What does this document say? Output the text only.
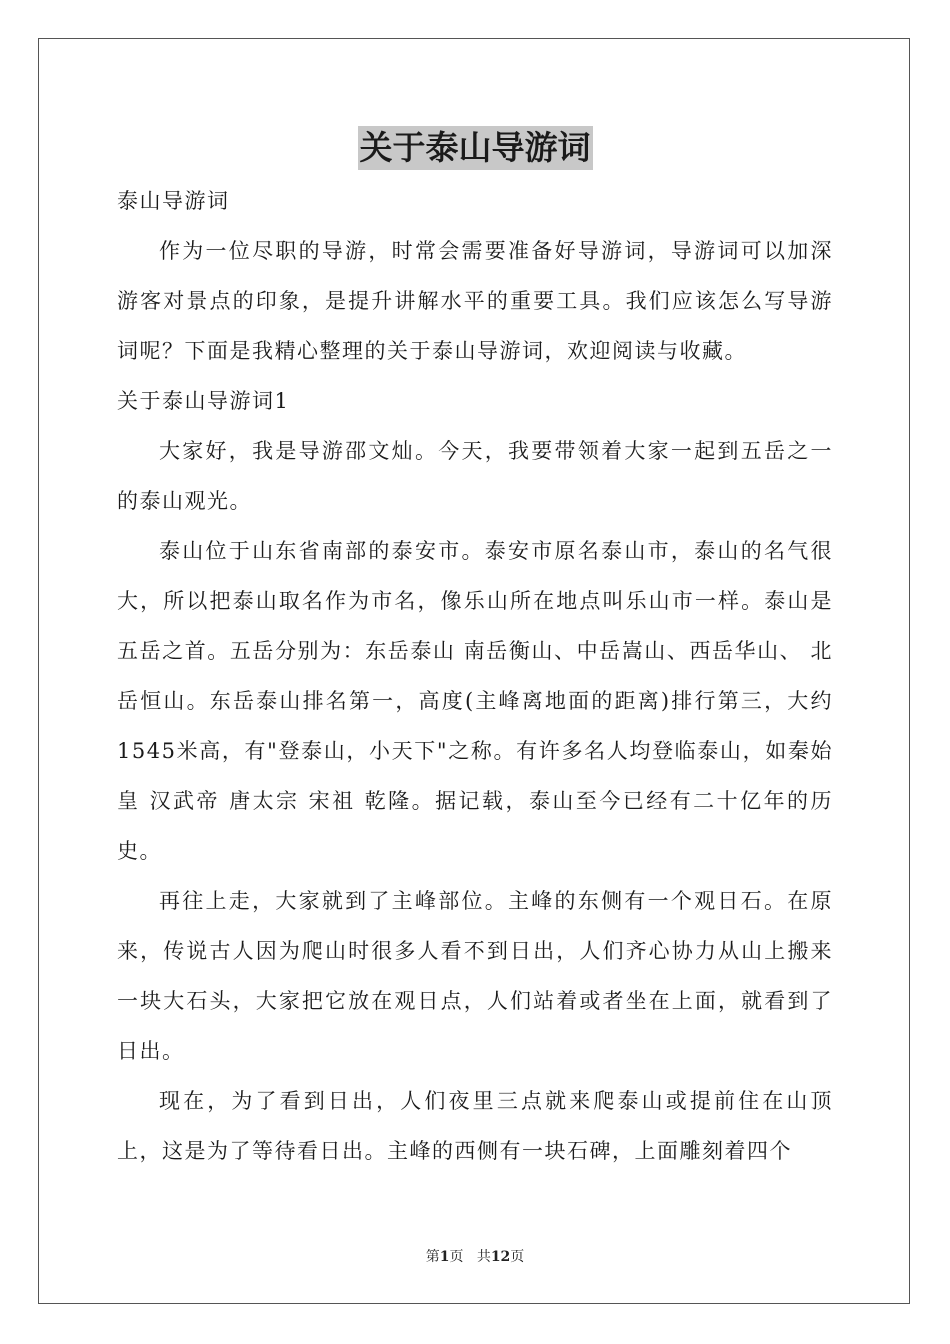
关于泰山导游词

泰山导游词

作为一位尽职的导游，时常会需要准备好导游词，导游词可以加深游客对景点的印象，是提升讲解水平的重要工具。我们应该怎么写导游词呢？下面是我精心整理的关于泰山导游词，欢迎阅读与收藏。

关于泰山导游词1

大家好，我是导游邵文灿。今天，我要带领着大家一起到五岳之一的泰山观光。

泰山位于山东省南部的泰安市。泰安市原名泰山市，泰山的名气很大，所以把泰山取名作为市名，像乐山所在地点叫乐山市一样。泰山是五岳之首。五岳分别为：东岳泰山 南岳衡山、中岳嵩山、西岳华山、 北岳恒山。东岳泰山排名第一，高度(主峰离地面的距离)排行第三，大约1545米高，有"登泰山，小天下"之称。有许多名人均登临泰山，如秦始皇 汉武帝 唐太宗 宋祖 乾隆。据记载，泰山至今已经有二十亿年的历史。

再往上走，大家就到了主峰部位。主峰的东侧有一个观日石。在原来，传说古人因为爬山时很多人看不到日出，人们齐心协力从山上搬来一块大石头，大家把它放在观日点，人们站着或者坐在上面，就看到了日出。

现在，为了看到日出，人们夜里三点就来爬泰山或提前住在山顶上，这是为了等待看日出。主峰的西侧有一块石碑，上面雕刻着四个

第1页 共12页
